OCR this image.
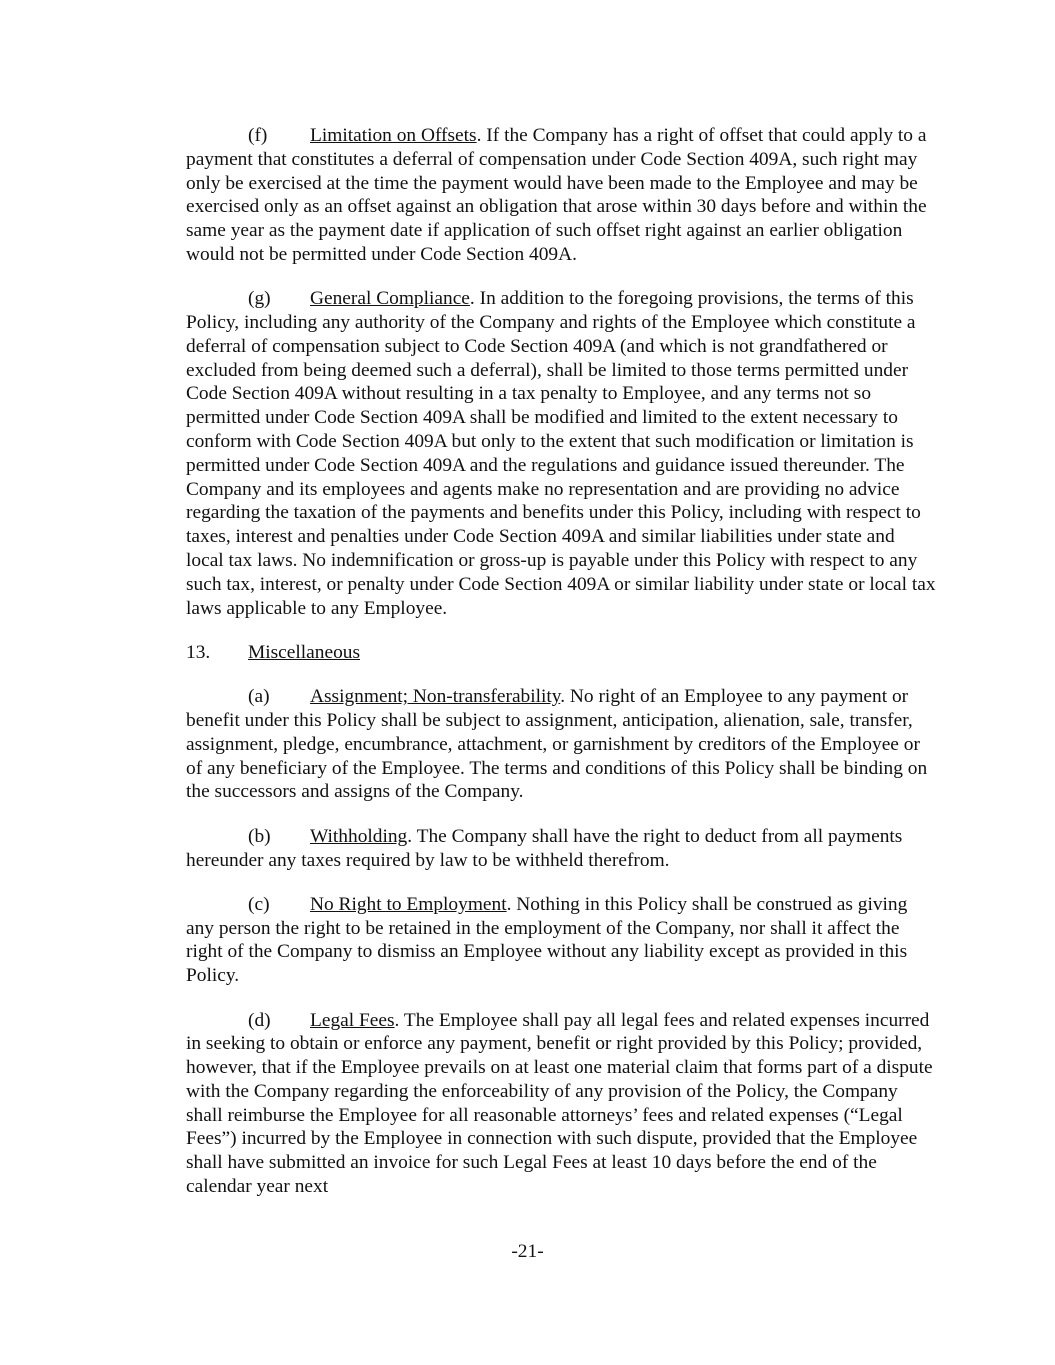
(f) Limitation on Offsets. If the Company has a right of offset that could apply to a payment that constitutes a deferral of compensation under Code Section 409A, such right may only be exercised at the time the payment would have been made to the Employee and may be exercised only as an offset against an obligation that arose within 30 days before and within the same year as the payment date if application of such offset right against an earlier obligation would not be permitted under Code Section 409A.

(g) General Compliance. In addition to the foregoing provisions, the terms of this Policy, including any authority of the Company and rights of the Employee which constitute a deferral of compensation subject to Code Section 409A (and which is not grandfathered or excluded from being deemed such a deferral), shall be limited to those terms permitted under Code Section 409A without resulting in a tax penalty to Employee, and any terms not so permitted under Code Section 409A shall be modified and limited to the extent necessary to conform with Code Section 409A but only to the extent that such modification or limitation is permitted under Code Section 409A and the regulations and guidance issued thereunder. The Company and its employees and agents make no representation and are providing no advice regarding the taxation of the payments and benefits under this Policy, including with respect to taxes, interest and penalties under Code Section 409A and similar liabilities under state and local tax laws. No indemnification or gross-up is payable under this Policy with respect to any such tax, interest, or penalty under Code Section 409A or similar liability under state or local tax laws applicable to any Employee.

13. Miscellaneous

(a) Assignment; Non-transferability. No right of an Employee to any payment or benefit under this Policy shall be subject to assignment, anticipation, alienation, sale, transfer, assignment, pledge, encumbrance, attachment, or garnishment by creditors of the Employee or of any beneficiary of the Employee. The terms and conditions of this Policy shall be binding on the successors and assigns of the Company.

(b) Withholding. The Company shall have the right to deduct from all payments hereunder any taxes required by law to be withheld therefrom.

(c) No Right to Employment. Nothing in this Policy shall be construed as giving any person the right to be retained in the employment of the Company, nor shall it affect the right of the Company to dismiss an Employee without any liability except as provided in this Policy.

(d) Legal Fees. The Employee shall pay all legal fees and related expenses incurred in seeking to obtain or enforce any payment, benefit or right provided by this Policy; provided, however, that if the Employee prevails on at least one material claim that forms part of a dispute with the Company regarding the enforceability of any provision of the Policy, the Company shall reimburse the Employee for all reasonable attorneys’ fees and related expenses (“Legal Fees”) incurred by the Employee in connection with such dispute, provided that the Employee shall have submitted an invoice for such Legal Fees at least 10 days before the end of the calendar year next

-21-
